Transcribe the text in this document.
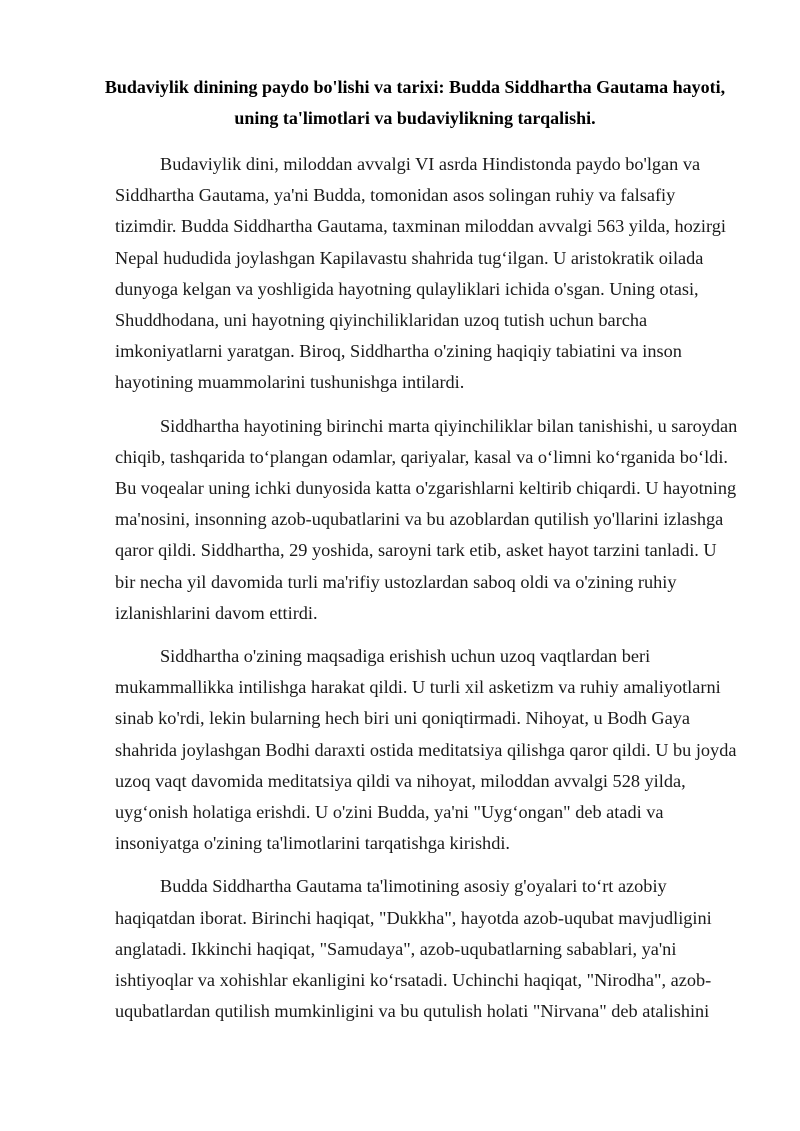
Budaviylik dinining paydo bo'lishi va tarixi: Budda Siddhartha Gautama hayoti, uning ta'limotlari va budaviylikning tarqalishi.

Budaviylik dini, miloddan avvalgi VI asrda Hindistonda paydo bo'lgan va Siddhartha Gautama, ya'ni Budda, tomonidan asos solingan ruhiy va falsafiy tizimdir. Budda Siddhartha Gautama, taxminan miloddan avvalgi 563 yilda, hozirgi Nepal hududida joylashgan Kapilavastu shahrida tug‘ilgan. U aristokratik oilada dunyoga kelgan va yoshligida hayotning qulayliklari ichida o'sgan. Uning otasi, Shuddhodana, uni hayotning qiyinchiliklaridan uzoq tutish uchun barcha imkoniyatlarni yaratgan. Biroq, Siddhartha o'zining haqiqiy tabiatini va inson hayotining muammolarini tushunishga intilardi.

Siddhartha hayotining birinchi marta qiyinchiliklar bilan tanishishi, u saroydan chiqib, tashqarida to‘plangan odamlar, qariyalar, kasal va o‘limni ko‘rganida bo‘ldi. Bu voqealar uning ichki dunyosida katta o'zgarishlarni keltirib chiqardi. U hayotning ma'nosini, insonning azob-uqubatlarini va bu azoblardan qutilish yo'llarini izlashga qaror qildi. Siddhartha, 29 yoshida, saroyni tark etib, asket hayot tarzini tanladi. U bir necha yil davomida turli ma'rifiy ustozlardan saboq oldi va o'zining ruhiy izlanishlarini davom ettirdi.

Siddhartha o'zining maqsadiga erishish uchun uzoq vaqtlardan beri mukammallikka intilishga harakat qildi. U turli xil asketizm va ruhiy amaliyotlarni sinab ko'rdi, lekin bularning hech biri uni qoniqtirmadi. Nihoyat, u Bodh Gaya shahrida joylashgan Bodhi daraxti ostida meditatsiya qilishga qaror qildi. U bu joyda uzoq vaqt davomida meditatsiya qildi va nihoyat, miloddan avvalgi 528 yilda, uyg‘onish holatiga erishdi. U o'zini Budda, ya'ni "Uyg‘ongan" deb atadi va insoniyatga o'zining ta'limotlarini tarqatishga kirishdi.

Budda Siddhartha Gautama ta'limotining asosiy g'oyalari to‘rt azobiy haqiqatdan iborat. Birinchi haqiqat, "Dukkha", hayotda azob-uqubat mavjudligini anglatadi. Ikkinchi haqiqat, "Samudaya", azob-uqubatlarning sabablari, ya'ni ishtiyoqlar va xohishlar ekanligini ko‘rsatadi. Uchinchi haqiqat, "Nirodha", azob-uqubatlardan qutilish mumkinligini va bu qutulish holati "Nirvana" deb atalishini
